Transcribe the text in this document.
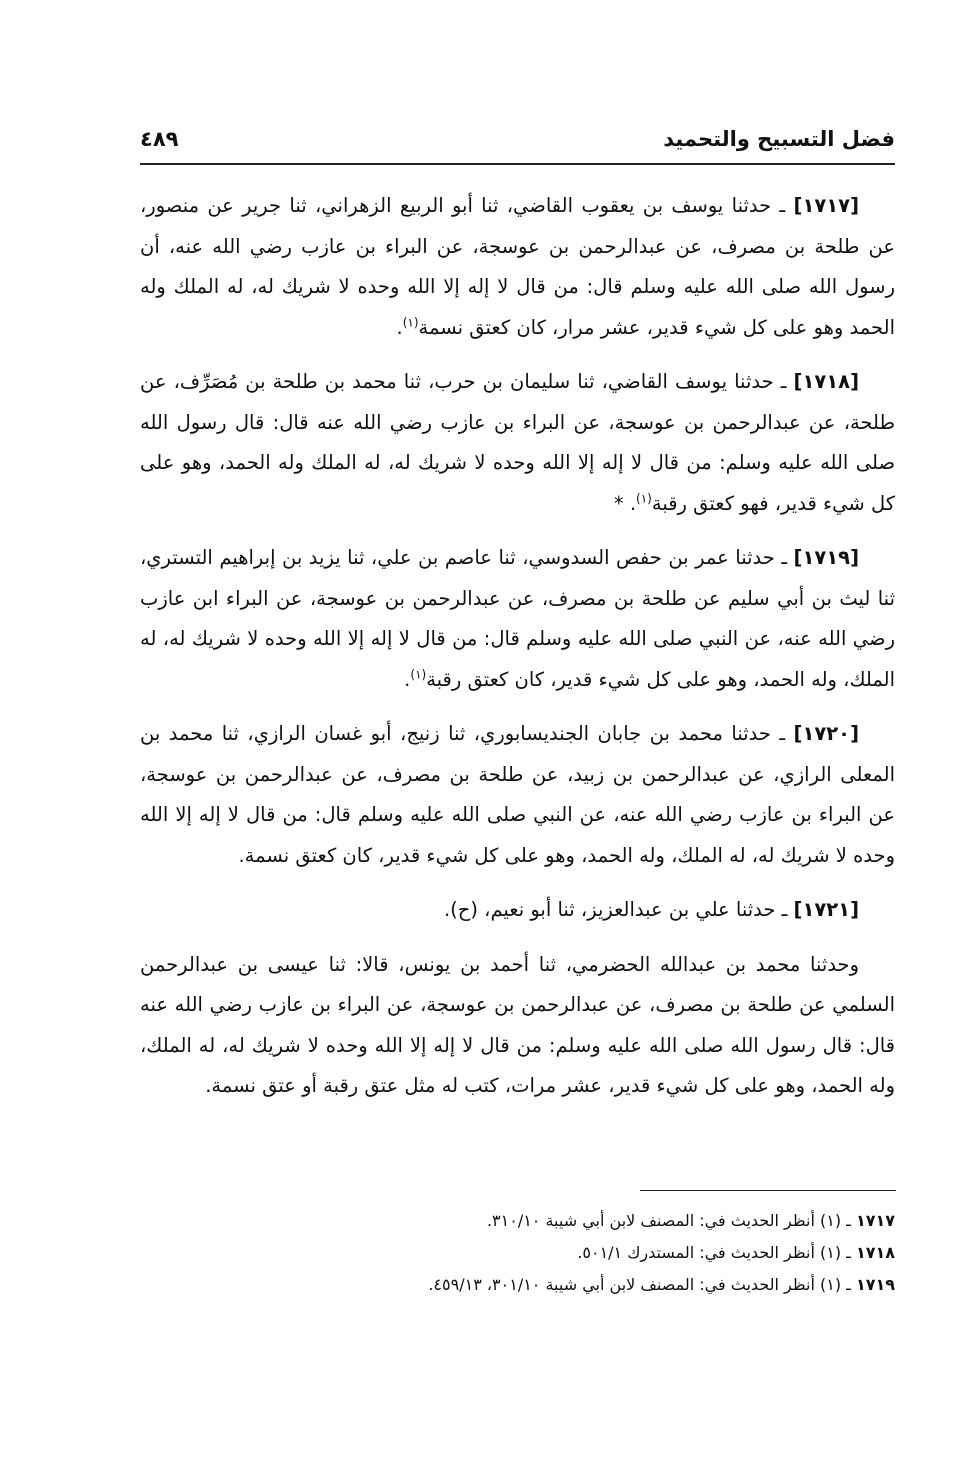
فضل التسبيح والتحميد
٤٨٩

[١٧١٧] ـ حدثنا يوسف بن يعقوب القاضي، ثنا أبو الربيع الزهراني، ثنا جرير عن منصور، عن طلحة بن مصرف، عن عبدالرحمن بن عوسجة، عن البراء بن عازب رضي الله عنه، أن رسول الله صلى الله عليه وسلم قال: من قال لا إله إلا الله وحده لا شريك له، له الملك وله الحمد وهو على كل شيء قدير، عشر مرار، كان كعتق نسمة$^{(١)}$.

[١٧١٨] ـ حدثنا يوسف القاضي، ثنا سليمان بن حرب، ثنا محمد بن طلحة بن مُصَرِّف، عن طلحة، عن عبدالرحمن بن عوسجة، عن البراء بن عازب رضي الله عنه قال: قال رسول الله صلى الله عليه وسلم: من قال لا إله إلا الله وحده لا شريك له، له الملك وله الحمد، وهو على كل شيء قدير، فهو كعتق رقبة$^{(١)}$. *

[١٧١٩] ـ حدثنا عمر بن حفص السدوسي، ثنا عاصم بن علي، ثنا يزيد بن إبراهيم التستري، ثنا ليث بن أبي سليم عن طلحة بن مصرف، عن عبدالرحمن بن عوسجة، عن البراء ابن عازب رضي الله عنه، عن النبي صلى الله عليه وسلم قال: من قال لا إله إلا الله وحده لا شريك له، له الملك، وله الحمد، وهو على كل شيء قدير، كان كعتق رقبة$^{(١)}$.

[١٧٢٠] ـ حدثنا محمد بن جابان الجنديسابوري، ثنا زنيج، أبو غسان الرازي، ثنا محمد بن المعلى الرازي، عن عبدالرحمن بن زبيد، عن طلحة بن مصرف، عن عبدالرحمن بن عوسجة، عن البراء بن عازب رضي الله عنه، عن النبي صلى الله عليه وسلم قال: من قال لا إله إلا الله وحده لا شريك له، له الملك، وله الحمد، وهو على كل شيء قدير، كان كعتق نسمة.

[١٧٢١] ـ حدثنا علي بن عبدالعزيز، ثنا أبو نعيم، (ح).

وحدثنا محمد بن عبدالله الحضرمي، ثنا أحمد بن يونس، قالا: ثنا عيسى بن عبدالرحمن السلمي عن طلحة بن مصرف، عن عبدالرحمن بن عوسجة، عن البراء بن عازب رضي الله عنه قال: قال رسول الله صلى الله عليه وسلم: من قال لا إله إلا الله وحده لا شريك له، له الملك، وله الحمد، وهو على كل شيء قدير، عشر مرات، كتب له مثل عتق رقبة أو عتق نسمة.

١٧١٧ ـ (١) أنظر الحديث في: المصنف لابن أبي شيبة ٣١٠/١٠.
١٧١٨ ـ (١) أنظر الحديث في: المستدرك ٥٠١/١.
١٧١٩ ـ (١) أنظر الحديث في: المصنف لابن أبي شيبة ٣٠١/١٠، ٤٥٩/١٣.
